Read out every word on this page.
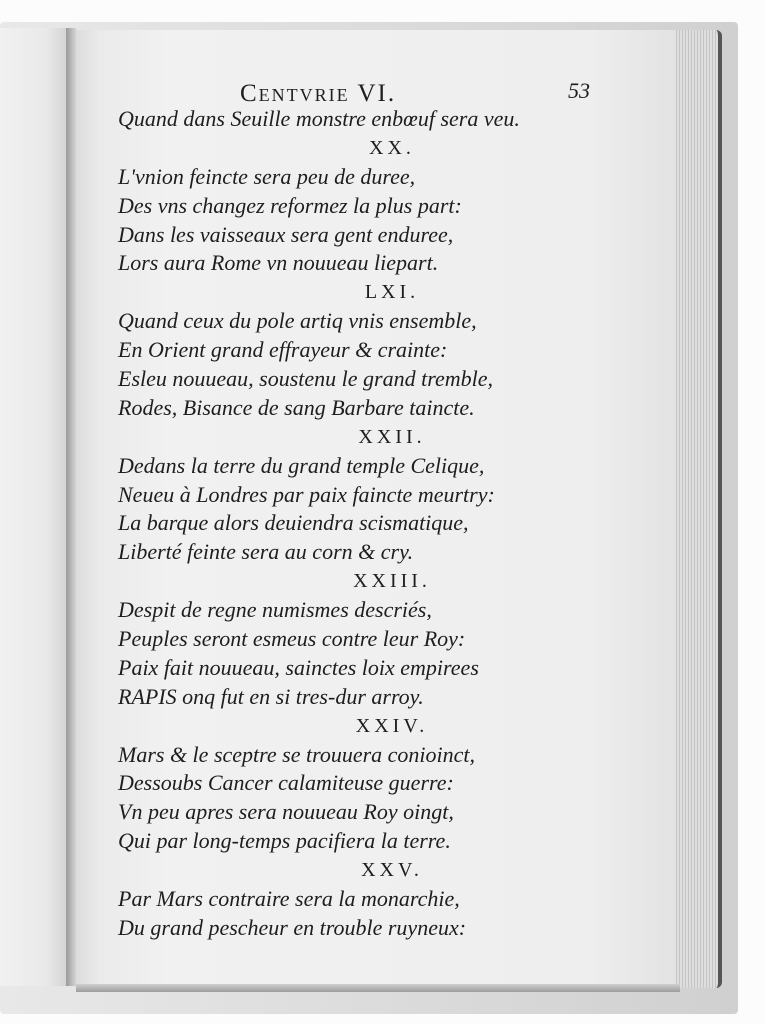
Centvrie VI.	53
Quand dans Seuille monstre enbœuf sera veu.
XX.
L'vnion feincte sera peu de duree,
Des vns changez reformez la plus part:
Dans les vaisseaux sera gent enduree,
Lors aura Rome vn nouueau liepart.
LXI.
Quand ceux du pole artiq vnis ensemble,
En Orient grand effrayeur & crainte:
Esleu nouueau, soustenu le grand tremble,
Rodes, Bisance de sang Barbare taincte.
XXII.
Dedans la terre du grand temple Celique,
Neueu à Londres par paix faincte meurtry:
La barque alors deuiendra scismatique,
Liberté feinte sera au corn & cry.
XXIII.
Despit de regne numismes descriés,
Peuples seront esmeus contre leur Roy:
Paix fait nouueau, sainctes loix empirees
RAPIS onq fut en si tres-dur arroy.
XXIV.
Mars & le sceptre se trouuera conioinct,
Dessoubs Cancer calamiteuse guerre:
Vn peu apres sera nouueau Roy oingt,
Qui par long-temps pacifiera la terre.
XXV.
Par Mars contraire sera la monarchie,
Du grand pescheur en trouble ruyneux:
